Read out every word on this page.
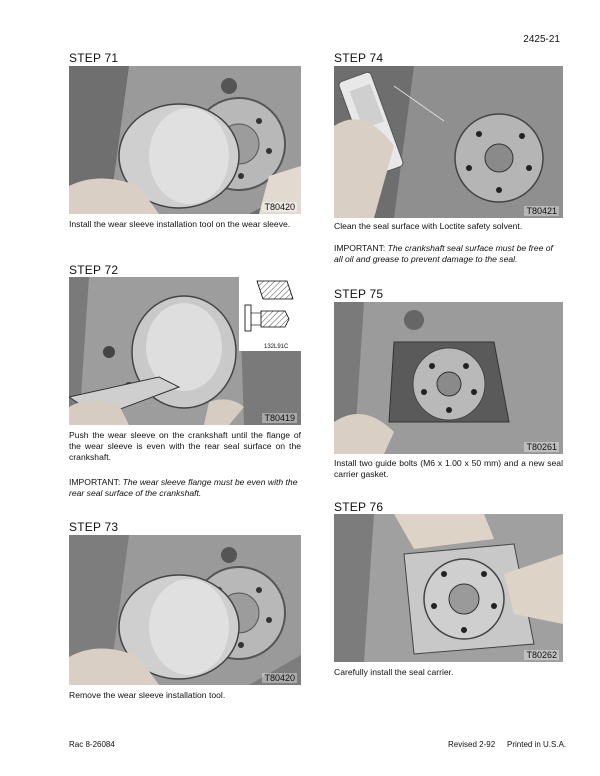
2425-21
STEP 71
T80420
Install the wear sleeve installation tool on the wear sleeve.
STEP 72
132L91C
T80419
Push the wear sleeve on the crankshaft until the flange of the wear sleeve is even with the rear seal surface on the crankshaft.
IMPORTANT: The wear sleeve flange must be even with the rear seal surface of the crankshaft.
STEP 73
T80420
Remove the wear sleeve installation tool.
STEP 74
T80421
Clean the seal surface with Loctite safety solvent.
IMPORTANT: The crankshaft seal surface must be free of all oil and grease to prevent damage to the seal.
STEP 75
T80261
Install two guide bolts (M6 x 1.00 x 50 mm) and a new seal carrier gasket.
STEP 76
T80262
Carefully install the seal carrier.
Rac 8-26084	Revised 2-92 Printed in U.S.A.
